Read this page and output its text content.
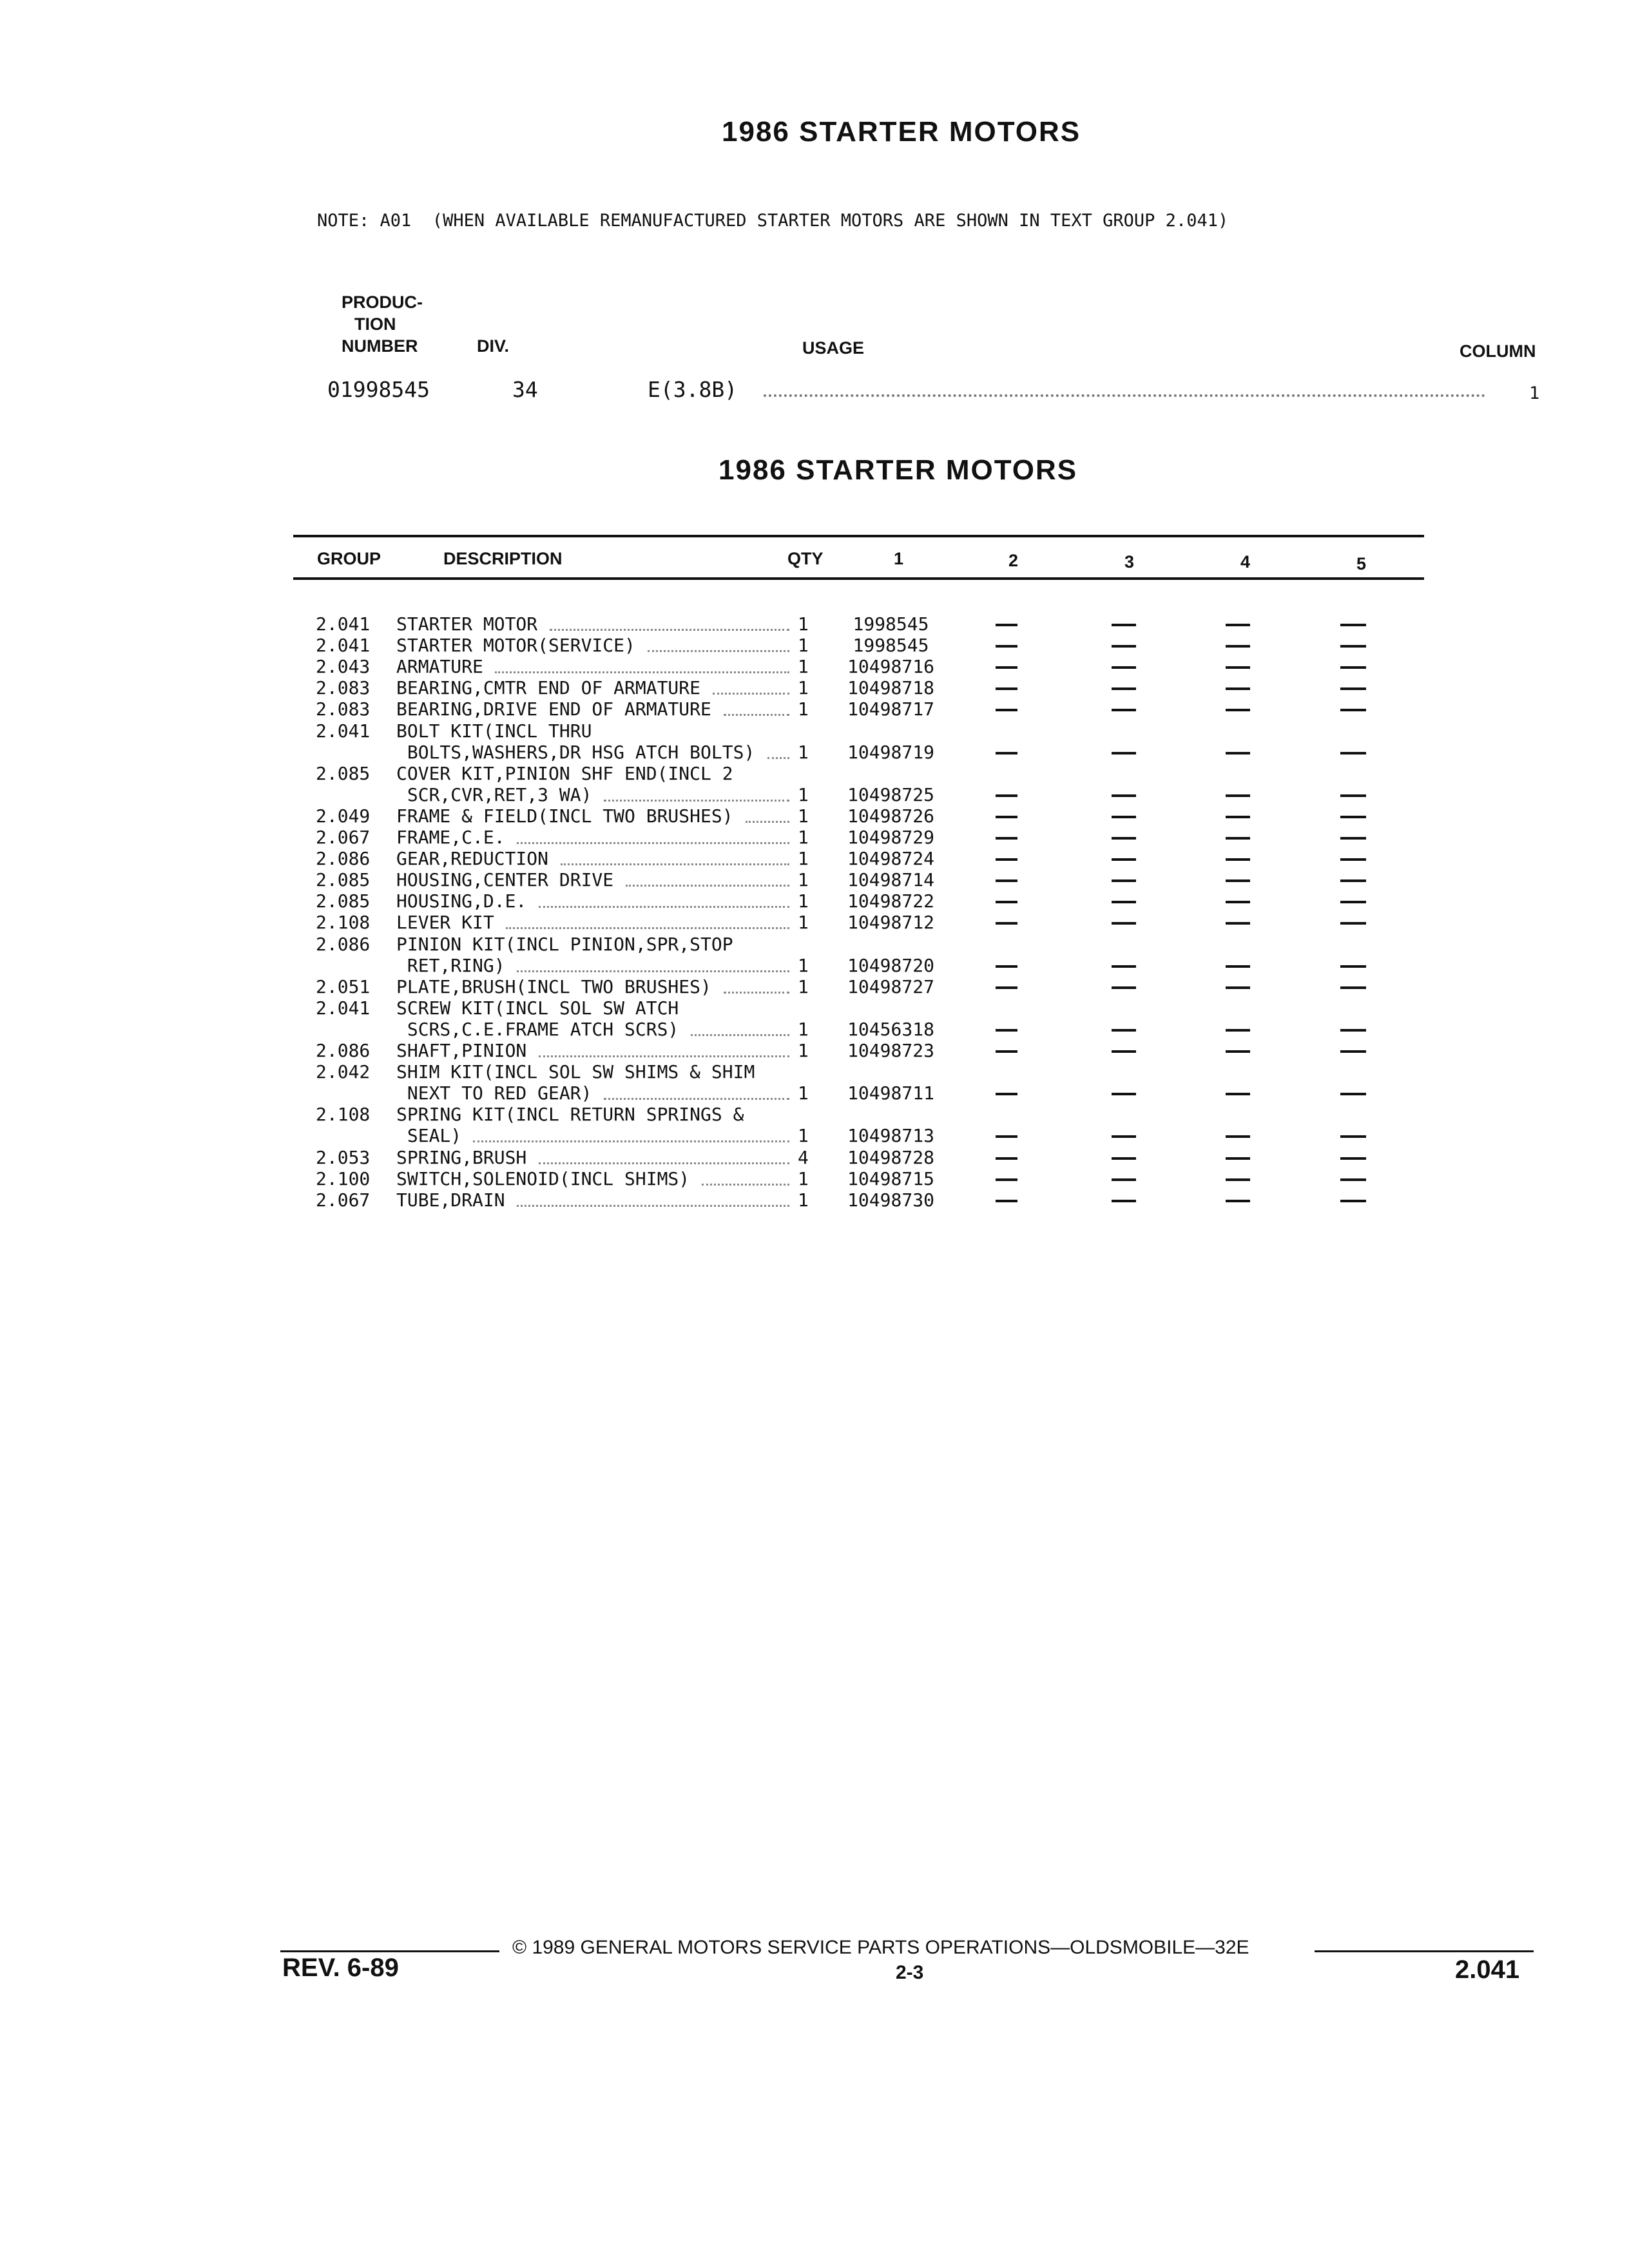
1986 STARTER MOTORS
NOTE: A01  (WHEN AVAILABLE REMANUFACTURED STARTER MOTORS ARE SHOWN IN TEXT GROUP 2.041)
PRODUC-
TION
NUMBER	DIV.	USAGE	COLUMN
01998545	34	E(3.8B)	1
1986 STARTER MOTORS
GROUP	DESCRIPTION	QTY	1	2	3	4	5
2.041 STARTER MOTOR	1	1998545
2.041 STARTER MOTOR(SERVICE)	1	1998545
2.043 ARMATURE	1	10498716
2.083 BEARING,CMTR END OF ARMATURE	1	10498718
2.083 BEARING,DRIVE END OF ARMATURE	1	10498717
2.041 BOLT KIT(INCL THRU
BOLTS,WASHERS,DR HSG ATCH BOLTS) 1	10498719
2.085 COVER KIT,PINION SHF END(INCL 2
SCR,CVR,RET,3 WA)	1	10498725
2.049 FRAME & FIELD(INCL TWO BRUSHES)	1	10498726
2.067 FRAME,C.E.	1	10498729
2.086 GEAR,REDUCTION	1	10498724
2.085 HOUSING,CENTER DRIVE	1	10498714
2.085 HOUSING,D.E.	1	10498722
2.108 LEVER KIT	1	10498712
2.086 PINION KIT(INCL PINION,SPR,STOP
RET,RING)	1	10498720
2.051 PLATE,BRUSH(INCL TWO BRUSHES)	1	10498727
2.041 SCREW KIT(INCL SOL SW ATCH
SCRS,C.E.FRAME ATCH SCRS)	1	10456318
2.086 SHAFT,PINION	1	10498723
2.042 SHIM KIT(INCL SOL SW SHIMS & SHIM
NEXT TO RED GEAR)	1	10498711
2.108 SPRING KIT(INCL RETURN SPRINGS &
SEAL)	1	10498713
2.053 SPRING,BRUSH	4	10498728
2.100 SWITCH,SOLENOID(INCL SHIMS)	1	10498715
2.067 TUBE,DRAIN	1	10498730
© 1989 GENERAL MOTORS SERVICE PARTS OPERATIONS—OLDSMOBILE—32E
REV. 6-89	2-3	2.041
